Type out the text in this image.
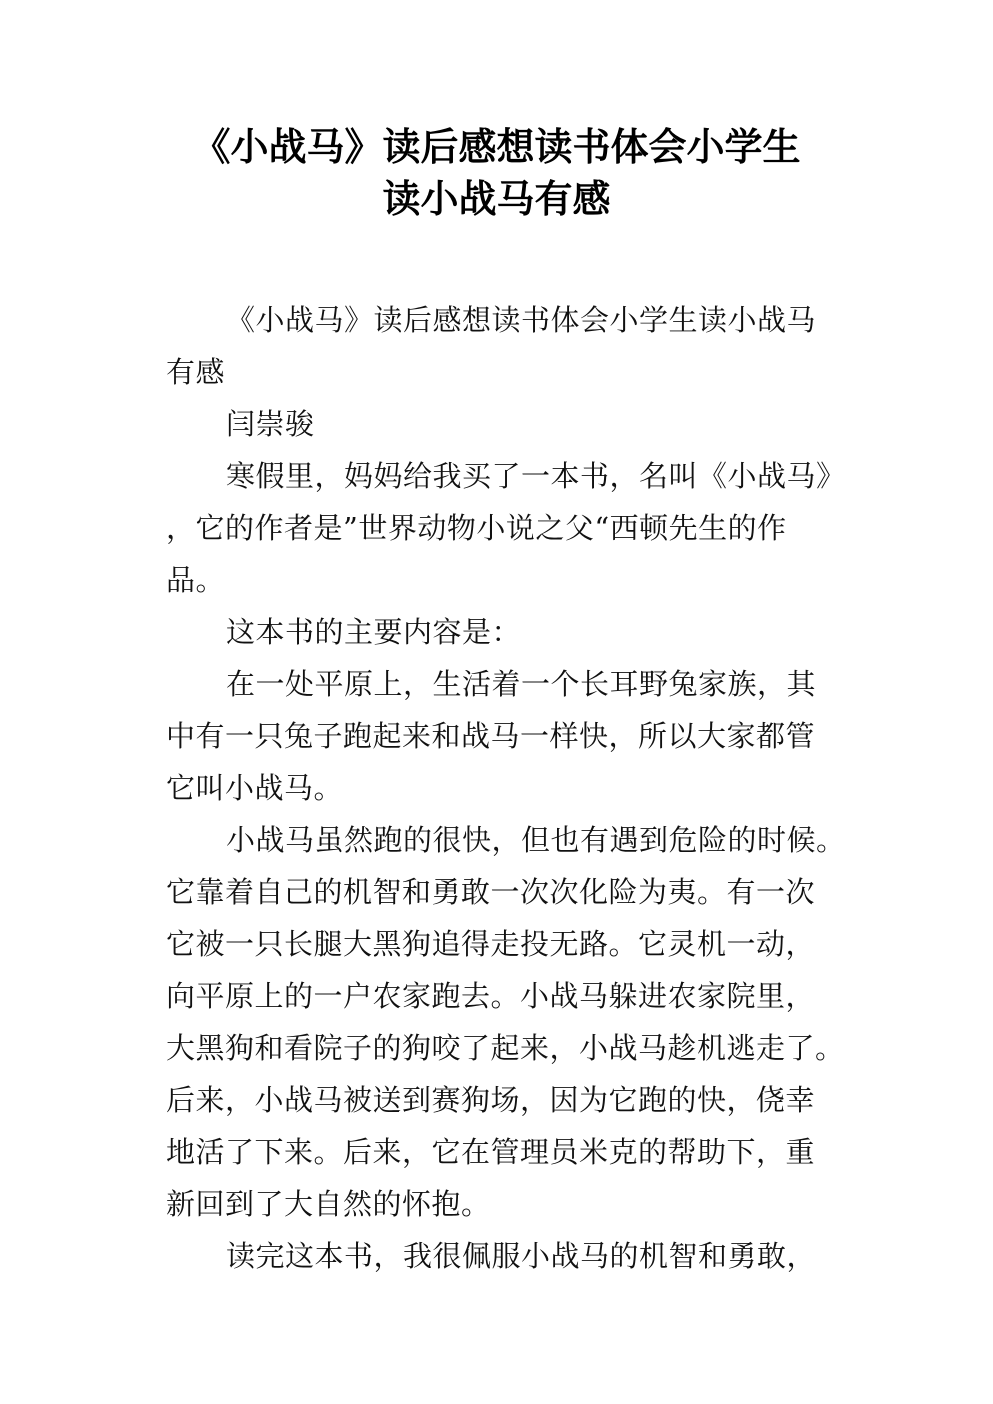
《小战马》读后感想读书体会小学生
读小战马有感
《小战马》读后感想读书体会小学生读小战马
有感
闫崇骏
寒假里，妈妈给我买了一本书，名叫《小战马》
，它的作者是”世界动物小说之父“西顿先生的作
品。
这本书的主要内容是：
在一处平原上，生活着一个长耳野兔家族，其
中有一只兔子跑起来和战马一样快，所以大家都管
它叫小战马。
小战马虽然跑的很快，但也有遇到危险的时候。
它靠着自己的机智和勇敢一次次化险为夷。有一次
它被一只长腿大黑狗追得走投无路。它灵机一动，
向平原上的一户农家跑去。小战马躲进农家院里，
大黑狗和看院子的狗咬了起来，小战马趁机逃走了。
后来，小战马被送到赛狗场，因为它跑的快，侥幸
地活了下来。后来，它在管理员米克的帮助下，重
新回到了大自然的怀抱。
读完这本书，我很佩服小战马的机智和勇敢，
